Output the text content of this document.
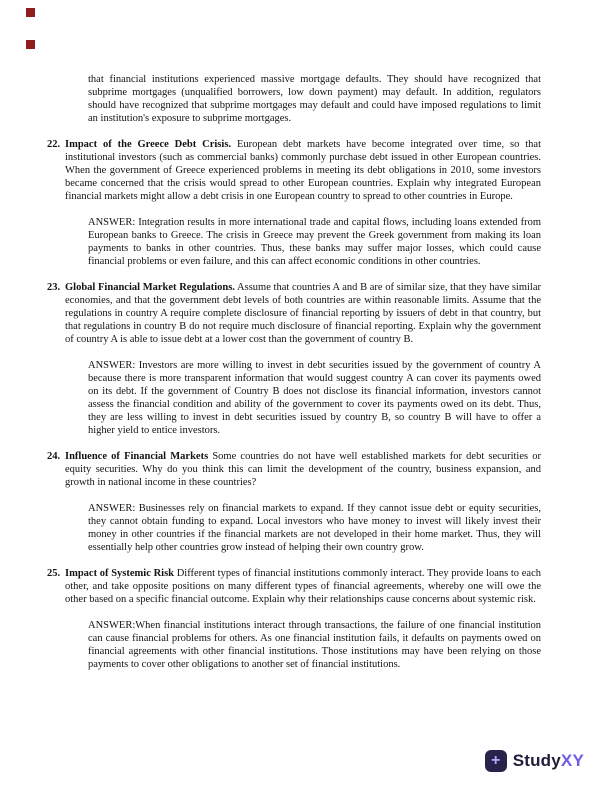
that financial institutions experienced massive mortgage defaults. They should have recognized that subprime mortgages (unqualified borrowers, low down payment) may default. In addition, regulators should have recognized that subprime mortgages may default and could have imposed regulations to limit an institution's exposure to subprime mortgages.

22. Impact of the Greece Debt Crisis. European debt markets have become integrated over time, so that institutional investors (such as commercial banks) commonly purchase debt issued in other European countries. When the government of Greece experienced problems in meeting its debt obligations in 2010, some investors became concerned that the crisis would spread to other European countries. Explain why integrated European financial markets might allow a debt crisis in one European country to spread to other countries in Europe.

ANSWER: Integration results in more international trade and capital flows, including loans extended from European banks to Greece. The crisis in Greece may prevent the Greek government from making its loan payments to banks in other countries. Thus, these banks may suffer major losses, which could cause financial problems or even failure, and this can affect economic conditions in other countries.

23. Global Financial Market Regulations. Assume that countries A and B are of similar size, that they have similar economies, and that the government debt levels of both countries are within reasonable limits. Assume that the regulations in country A require complete disclosure of financial reporting by issuers of debt in that country, but that regulations in country B do not require much disclosure of financial reporting. Explain why the government of country A is able to issue debt at a lower cost than the government of country B.

ANSWER: Investors are more willing to invest in debt securities issued by the government of country A because there is more transparent information that would suggest country A can cover its payments owed on its debt. If the government of Country B does not disclose its financial information, investors cannot assess the financial condition and ability of the government to cover its payments owed on its debt. Thus, they are less willing to invest in debt securities issued by country B, so country B will have to offer a higher yield to entice investors.

24. Influence of Financial Markets Some countries do not have well established markets for debt securities or equity securities. Why do you think this can limit the development of the country, business expansion, and growth in national income in these countries?

ANSWER: Businesses rely on financial markets to expand. If they cannot issue debt or equity securities, they cannot obtain funding to expand. Local investors who have money to invest will likely invest their money in other countries if the financial markets are not developed in their home market. Thus, they will essentially help other countries grow instead of helping their own country grow.

25. Impact of Systemic Risk Different types of financial institutions commonly interact. They provide loans to each other, and take opposite positions on many different types of financial agreements, whereby one will owe the other based on a specific financial outcome. Explain why their relationships cause concerns about systemic risk.

ANSWER:When financial institutions interact through transactions, the failure of one financial institution can cause financial problems for others. As one financial institution fails, it defaults on payments owed on financial agreements with other financial institutions. Those institutions may have been relying on those payments to cover other obligations to another set of financial institutions.

+ StudyXY
